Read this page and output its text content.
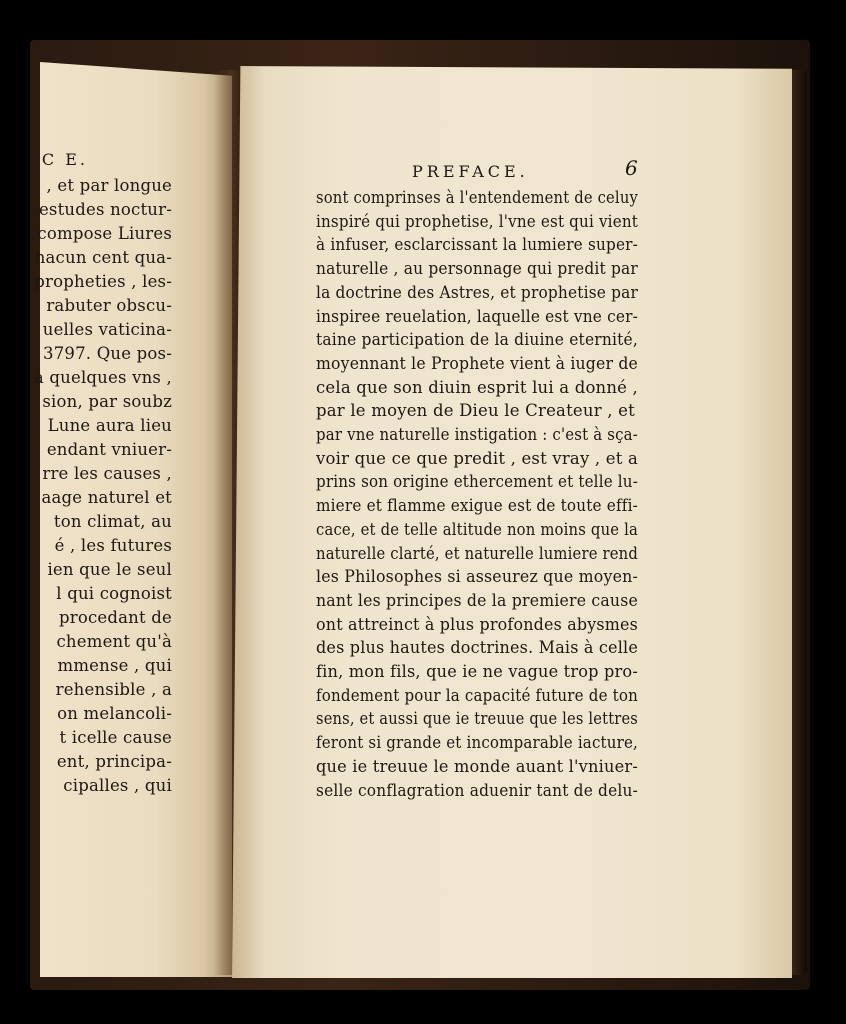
C E.
, et par longue
estudes noctur-
compose Liures
hacun cent qua-
propheties , les-
rabuter obscu-
uelles vaticina-
3797. Que pos-
à quelques vns ,
sion, par soubz
Lune aura lieu
endant vniuer-
rre les causes ,
aage naturel et
ton climat, au
é , les futures
ien que le seul
l qui cognoist
procedant de
chement qu'à
mmense , qui
rehensible , a
on melancoli-
t icelle cause
ent, principa-
cipalles , qui
PREFACE.	6
sont comprinses à l'entendement de celuy
inspiré qui prophetise, l'vne est qui vient
à infuser, esclarcissant la lumiere super-
naturelle , au personnage qui predit par
la doctrine des Astres, et prophetise par
inspiree reuelation, laquelle est vne cer-
taine participation de la diuine eternité,
moyennant le Prophete vient à iuger de
cela que son diuin esprit lui a donné ,
par le moyen de Dieu le Createur , et
par vne naturelle instigation : c'est à sça-
voir que ce que predit , est vray , et a
prins son origine ethercement et telle lu-
miere et flamme exigue est de toute effi-
cace, et de telle altitude non moins que la
naturelle clarté, et naturelle lumiere rend
les Philosophes si asseurez que moyen-
nant les principes de la premiere cause
ont attreinct à plus profondes abysmes
des plus hautes doctrines. Mais à celle
fin, mon fils, que ie ne vague trop pro-
fondement pour la capacité future de ton
sens, et aussi que ie treuue que les lettres
feront si grande et incomparable iacture,
que ie treuue le monde auant l'vniuer-
selle conflagration aduenir tant de delu-
